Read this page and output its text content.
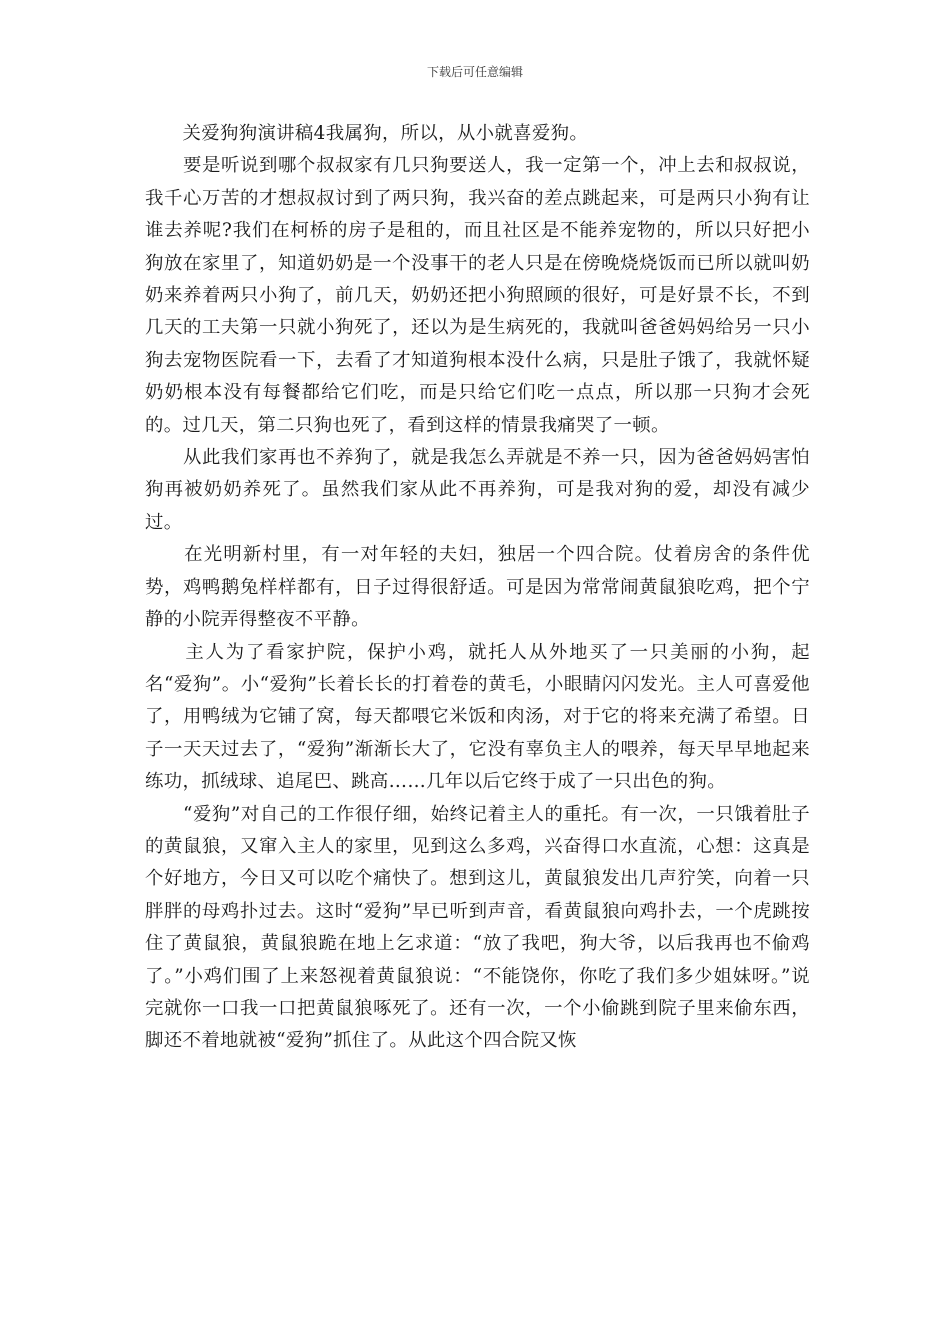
下载后可任意编辑

　　关爱狗狗演讲稿4我属狗，所以，从小就喜爱狗。

　　要是听说到哪个叔叔家有几只狗要送人，我一定第一个，冲上去和叔叔说，我千心万苦的才想叔叔讨到了两只狗，我兴奋的差点跳起来，可是两只小狗有让谁去养呢?我们在柯桥的房子是租的，而且社区是不能养宠物的，所以只好把小狗放在家里了，知道奶奶是一个没事干的老人只是在傍晚烧烧饭而已所以就叫奶奶来养着两只小狗了，前几天，奶奶还把小狗照顾的很好，可是好景不长，不到几天的工夫第一只就小狗死了，还以为是生病死的，我就叫爸爸妈妈给另一只小狗去宠物医院看一下，去看了才知道狗根本没什么病，只是肚子饿了，我就怀疑奶奶根本没有每餐都给它们吃，而是只给它们吃一点点，所以那一只狗才会死的。过几天，第二只狗也死了，看到这样的情景我痛哭了一顿。

　　从此我们家再也不养狗了，就是我怎么弄就是不养一只，因为爸爸妈妈害怕狗再被奶奶养死了。虽然我们家从此不再养狗，可是我对狗的爱，却没有减少过。

　　在光明新村里，有一对年轻的夫妇，独居一个四合院。仗着房舍的条件优势，鸡鸭鹅兔样样都有，日子过得很舒适。可是因为常常闹黄鼠狼吃鸡，把个宁静的小院弄得整夜不平静。

　　主人为了看家护院，保护小鸡，就托人从外地买了一只美丽的小狗，起名“爱狗”。小“爱狗”长着长长的打着卷的黄毛，小眼睛闪闪发光。主人可喜爱他了，用鸭绒为它铺了窝，每天都喂它米饭和肉汤，对于它的将来充满了希望。日子一天天过去了，“爱狗”渐渐长大了，它没有辜负主人的喂养，每天早早地起来练功，抓绒球、追尾巴、跳高……几年以后它终于成了一只出色的狗。

　　“爱狗”对自己的工作很仔细，始终记着主人的重托。有一次，一只饿着肚子的黄鼠狼，又窜入主人的家里，见到这么多鸡，兴奋得口水直流，心想：这真是个好地方，今日又可以吃个痛快了。想到这儿，黄鼠狼发出几声狞笑，向着一只胖胖的母鸡扑过去。这时“爱狗”早已听到声音，看黄鼠狼向鸡扑去，一个虎跳按住了黄鼠狼，黄鼠狼跪在地上乞求道：“放了我吧，狗大爷，以后我再也不偷鸡了。”小鸡们围了上来怒视着黄鼠狼说：“不能饶你，你吃了我们多少姐妹呀。”说完就你一口我一口把黄鼠狼啄死了。还有一次，一个小偷跳到院子里来偷东西，脚还不着地就被“爱狗”抓住了。从此这个四合院又恢
